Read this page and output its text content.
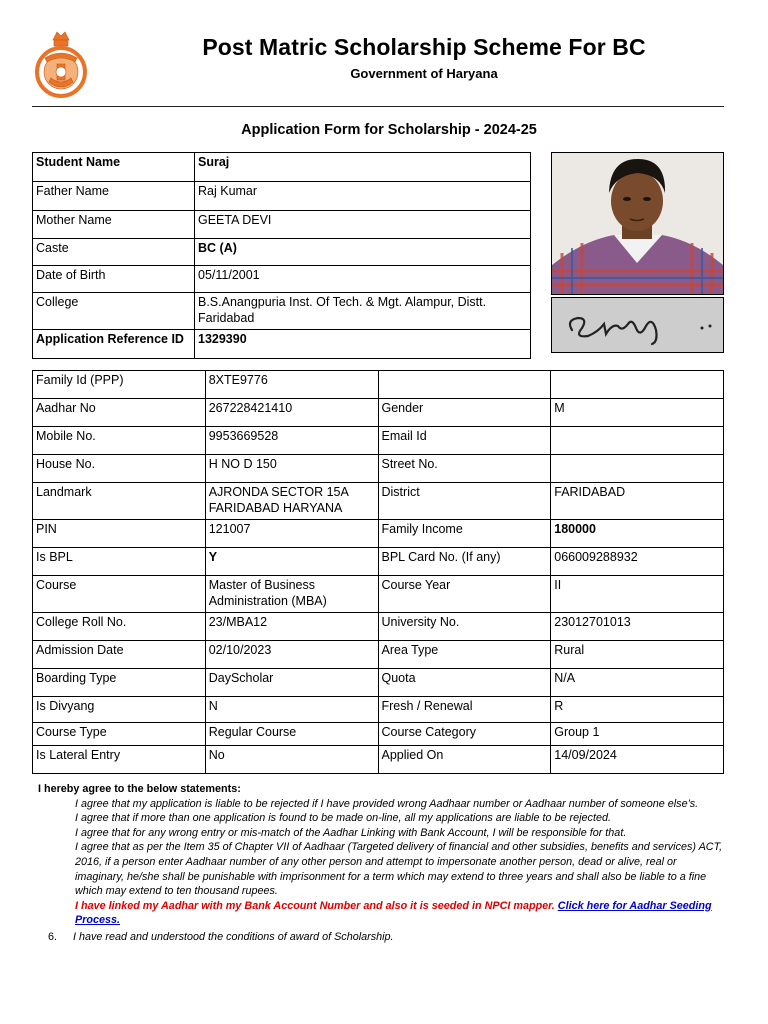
Post Matric Scholarship Scheme For BC
Government of Haryana
Application Form for Scholarship - 2024-25
Student Name	Suraj
Father Name	Raj Kumar
Mother Name	GEETA DEVI
Caste	BC (A)
Date of Birth	05/11/2001
College	B.S.Anangpuria Inst. Of Tech. & Mgt. Alampur, Distt. Faridabad
Application Reference ID	1329390
Family Id (PPP)	8XTE9776		
Aadhar No	267228421410	Gender	M
Mobile No.	9953669528	Email Id	
House No.	H NO D 150	Street No.	
Landmark	AJRONDA SECTOR 15A FARIDABAD HARYANA	District	FARIDABAD
PIN	121007	Family Income	180000
Is BPL	Y	BPL Card No. (If any)	066009288932
Course	Master of Business Administration (MBA)	Course Year	II
College Roll No.	23/MBA12	University No.	23012701013
Admission Date	02/10/2023	Area Type	Rural
Boarding Type	DayScholar	Quota	N/A
Is Divyang	N	Fresh / Renewal	R
Course Type	Regular Course	Course Category	Group 1
Is Lateral Entry	No	Applied On	14/09/2024
I hereby agree to the below statements:
I agree that my application is liable to be rejected if I have provided wrong Aadhaar number or Aadhaar number of someone else’s.
I agree that if more than one application is found to be made on-line, all my applications are liable to be rejected.
I agree that for any wrong entry or mis-match of the Aadhar Linking with Bank Account, I will be responsible for that.
I agree that as per the Item 35 of Chapter VII of Aadhaar (Targeted delivery of financial and other subsidies, benefits and services) ACT, 2016, if a person enter Aadhaar number of any other person and attempt to impersonate another person, dead or alive, real or imaginary, he/she shall be punishable with imprisonment for a term which may extend to three years and shall also be liable to a fine which may extend to ten thousand rupees.
I have linked my Aadhar with my Bank Account Number and also it is seeded in NPCI mapper. Click here for Aadhar Seeding Process.
6. I have read and understood the conditions of award of Scholarship.
